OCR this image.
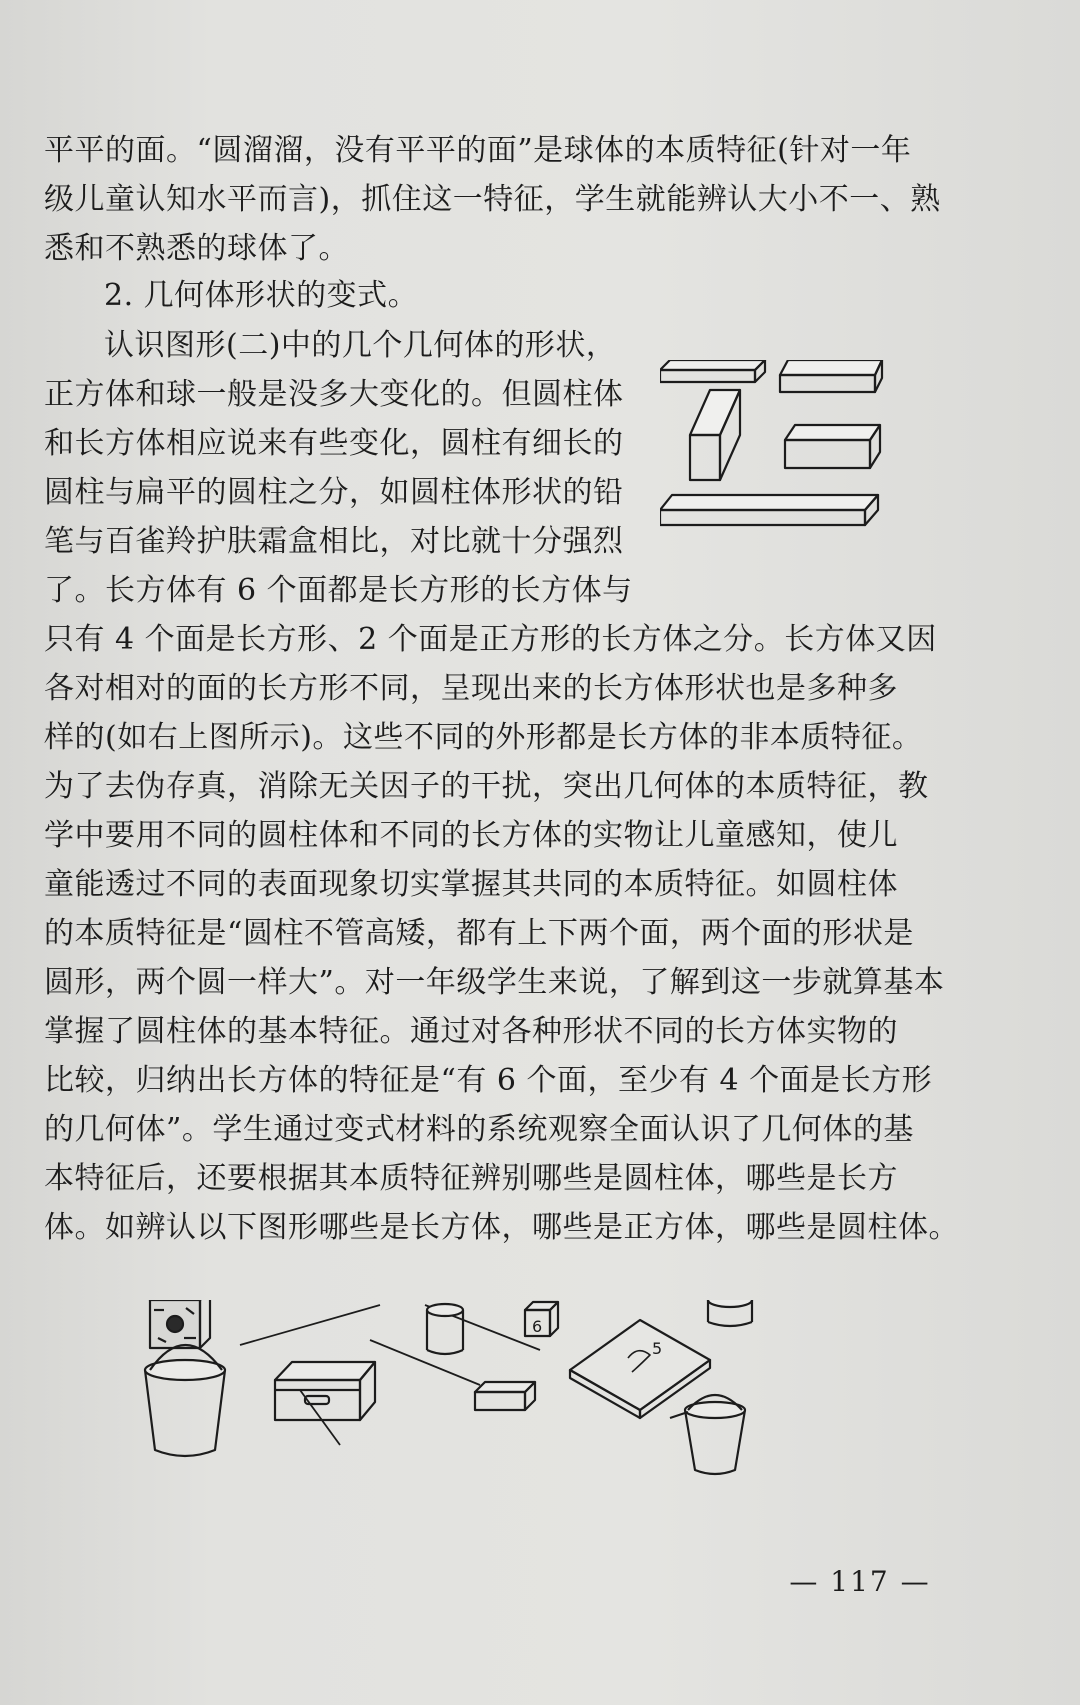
平平的面。“圆溜溜，没有平平的面”是球体的本质特征(针对一年
级儿童认知水平而言)，抓住这一特征，学生就能辨认大小不一、熟
悉和不熟悉的球体了。
2. 几何体形状的变式。
认识图形(二)中的几个几何体的形状，
正方体和球一般是没多大变化的。但圆柱体
和长方体相应说来有些变化，圆柱有细长的
圆柱与扁平的圆柱之分，如圆柱体形状的铅
笔与百雀羚护肤霜盒相比，对比就十分强烈
了。长方体有 6 个面都是长方形的长方体与
只有 4 个面是长方形、2 个面是正方形的长方体之分。长方体又因
各对相对的面的长方形不同，呈现出来的长方体形状也是多种多
样的(如右上图所示)。这些不同的外形都是长方体的非本质特征。
为了去伪存真，消除无关因子的干扰，突出几何体的本质特征，教
学中要用不同的圆柱体和不同的长方体的实物让儿童感知，使儿
童能透过不同的表面现象切实掌握其共同的本质特征。如圆柱体
的本质特征是“圆柱不管高矮，都有上下两个面，两个面的形状是
圆形，两个圆一样大”。对一年级学生来说，了解到这一步就算基本
掌握了圆柱体的基本特征。通过对各种形状不同的长方体实物的
比较，归纳出长方体的特征是“有 6 个面，至少有 4 个面是长方形
的几何体”。学生通过变式材料的系统观察全面认识了几何体的基
本特征后，还要根据其本质特征辨别哪些是圆柱体，哪些是长方
体。如辨认以下图形哪些是长方体，哪些是正方体，哪些是圆柱体。
6
5
— 117 —
